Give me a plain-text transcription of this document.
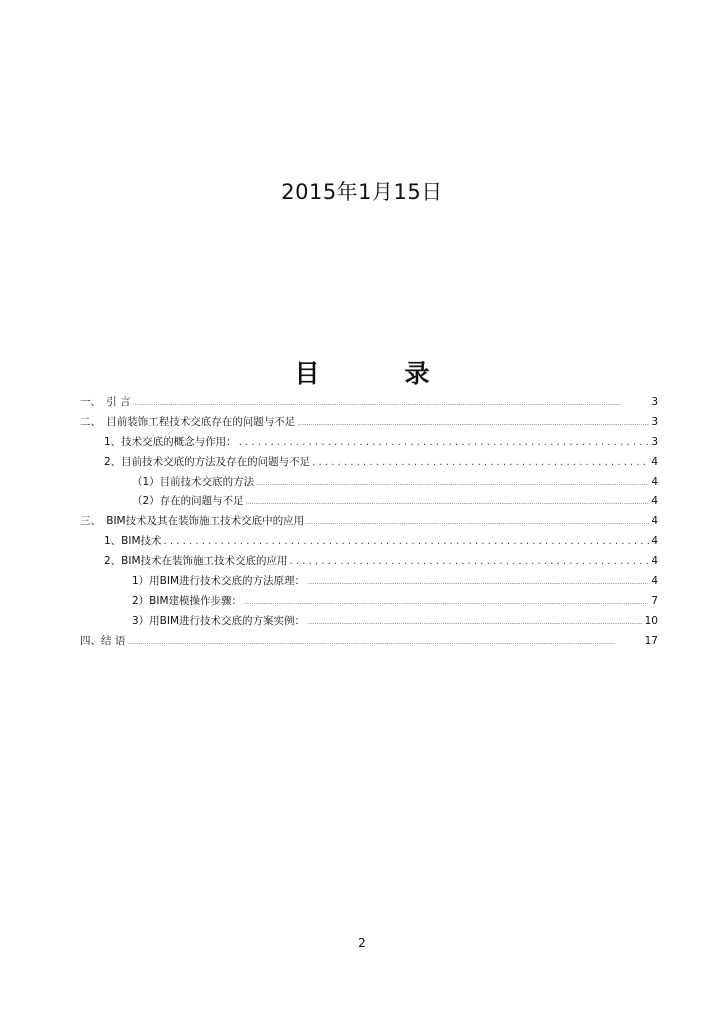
2015年1月15日
目　录
一、　引 言 .....	3
二、　目前装饰工程技术交底存在的问题与不足 .....	3
1、技术交底的概念与作用： . . .	3
2、目前技术交底的方法及存在的问题与不足 . . .	4
（1）目前技术交底的方法 .....	4
（2）存在的问题与不足 .....	4
三、　BIM技术及其在装饰施工技术交底中的应用 .....	4
1、BIM技术 . . .	4
2、BIM技术在装饰施工技术交底的应用 . . .	4
1）用BIM进行技术交底的方法原理： .....	4
2）BIM建模操作步骤： .....	7
3）用BIM进行技术交底的方案实例： .....	10
四、结 语 .....	17
2
